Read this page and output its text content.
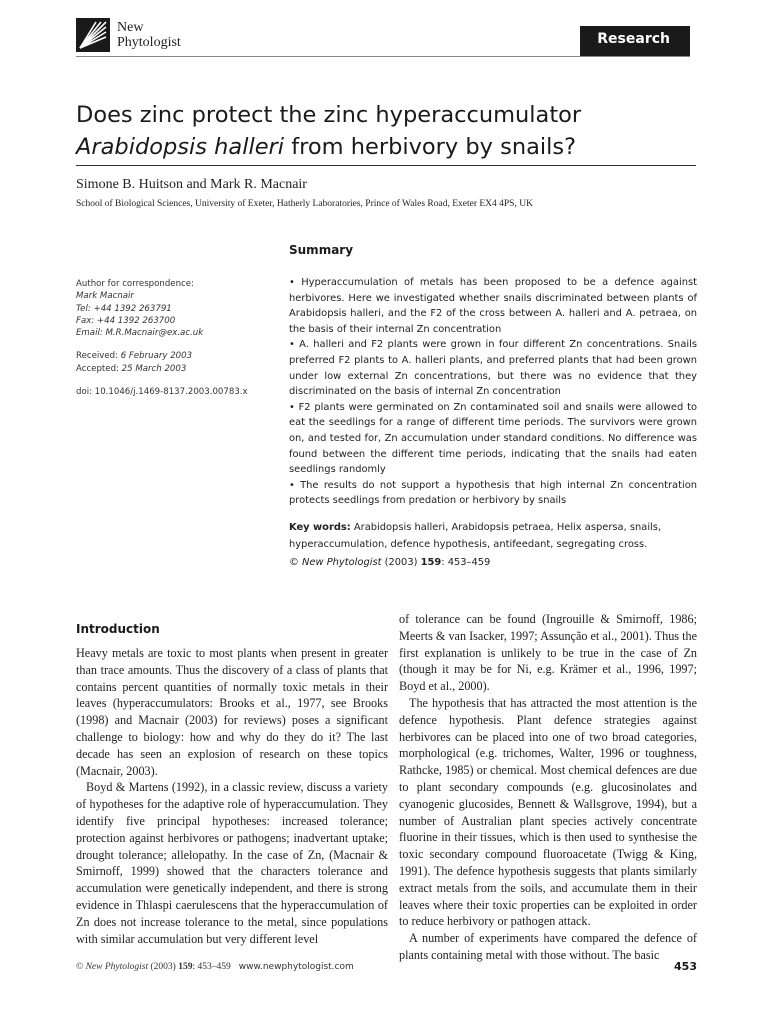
New
Phytologist	Research
Does zinc protect the zinc hyperaccumulator Arabidopsis halleri from herbivory by snails?
Simone B. Huitson and Mark R. Macnair
School of Biological Sciences, University of Exeter, Hatherly Laboratories, Prince of Wales Road, Exeter EX4 4PS, UK
Summary
Author for correspondence:
Mark Macnair
Tel: +44 1392 263791
Fax: +44 1392 263700
Email: M.R.Macnair@ex.ac.uk
Received: 6 February 2003
Accepted: 25 March 2003
doi: 10.1046/j.1469-8137.2003.00783.x

• Hyperaccumulation of metals has been proposed to be a defence against herbivores. Here we investigated whether snails discriminated between plants of Arabidopsis halleri, and the F2 of the cross between A. halleri and A. petraea, on the basis of their internal Zn concentration

• A. halleri and F2 plants were grown in four different Zn concentrations. Snails preferred F2 plants to A. halleri plants, and preferred plants that had been grown under low external Zn concentrations, but there was no evidence that they discriminated on the basis of internal Zn concentration

• F2 plants were germinated on Zn contaminated soil and snails were allowed to eat the seedlings for a range of different time periods. The survivors were grown on, and tested for, Zn accumulation under standard conditions. No difference was found between the different time periods, indicating that the snails had eaten seedlings randomly

• The results do not support a hypothesis that high internal Zn concentration protects seedlings from predation or herbivory by snails

Key words: Arabidopsis halleri, Arabidopsis petraea, Helix aspersa, snails, hyperaccumulation, defence hypothesis, antifeedant, segregating cross.
© New Phytologist (2003) 159: 453–459
Introduction

Heavy metals are toxic to most plants when present in greater than trace amounts. Thus the discovery of a class of plants that contains percent quantities of normally toxic metals in their leaves (hyperaccumulators: Brooks et al., 1977, see Brooks (1998) and Macnair (2003) for reviews) poses a significant challenge to biology: how and why do they do it? The last decade has seen an explosion of research on these topics (Macnair, 2003).

Boyd & Martens (1992), in a classic review, discuss a variety of hypotheses for the adaptive role of hyperaccumulation. They identify five principal hypotheses: increased tolerance; protection against herbivores or pathogens; inadvertant uptake; drought tolerance; allelopathy. In the case of Zn, (Macnair & Smirnoff, 1999) showed that the characters tolerance and accumulation were genetically independent, and there is strong evidence in Thlaspi caerulescens that the hyperaccumulation of Zn does not increase tolerance to the metal, since populations with similar accumulation but very different level

of tolerance can be found (Ingrouille & Smirnoff, 1986; Meerts & van Isacker, 1997; Assunção et al., 2001). Thus the first explanation is unlikely to be true in the case of Zn (though it may be for Ni, e.g. Krämer et al., 1996, 1997; Boyd et al., 2000).

The hypothesis that has attracted the most attention is the defence hypothesis. Plant defence strategies against herbivores can be placed into one of two broad categories, morphological (e.g. trichomes, Walter, 1996 or toughness, Rathcke, 1985) or chemical. Most chemical defences are due to plant secondary compounds (e.g. glucosinolates and cyanogenic glucosides, Bennett & Wallsgrove, 1994), but a number of Australian plant species actively concentrate fluorine in their tissues, which is then used to synthesise the toxic secondary compound fluoroacetate (Twigg & King, 1991). The defence hypothesis suggests that plants similarly extract metals from the soils, and accumulate them in their leaves where their toxic properties can be exploited in order to reduce herbivory or pathogen attack.

A number of experiments have compared the defence of plants containing metal with those without. The basic

© New Phytologist (2003) 159: 453–459 www.newphytologist.com	453
